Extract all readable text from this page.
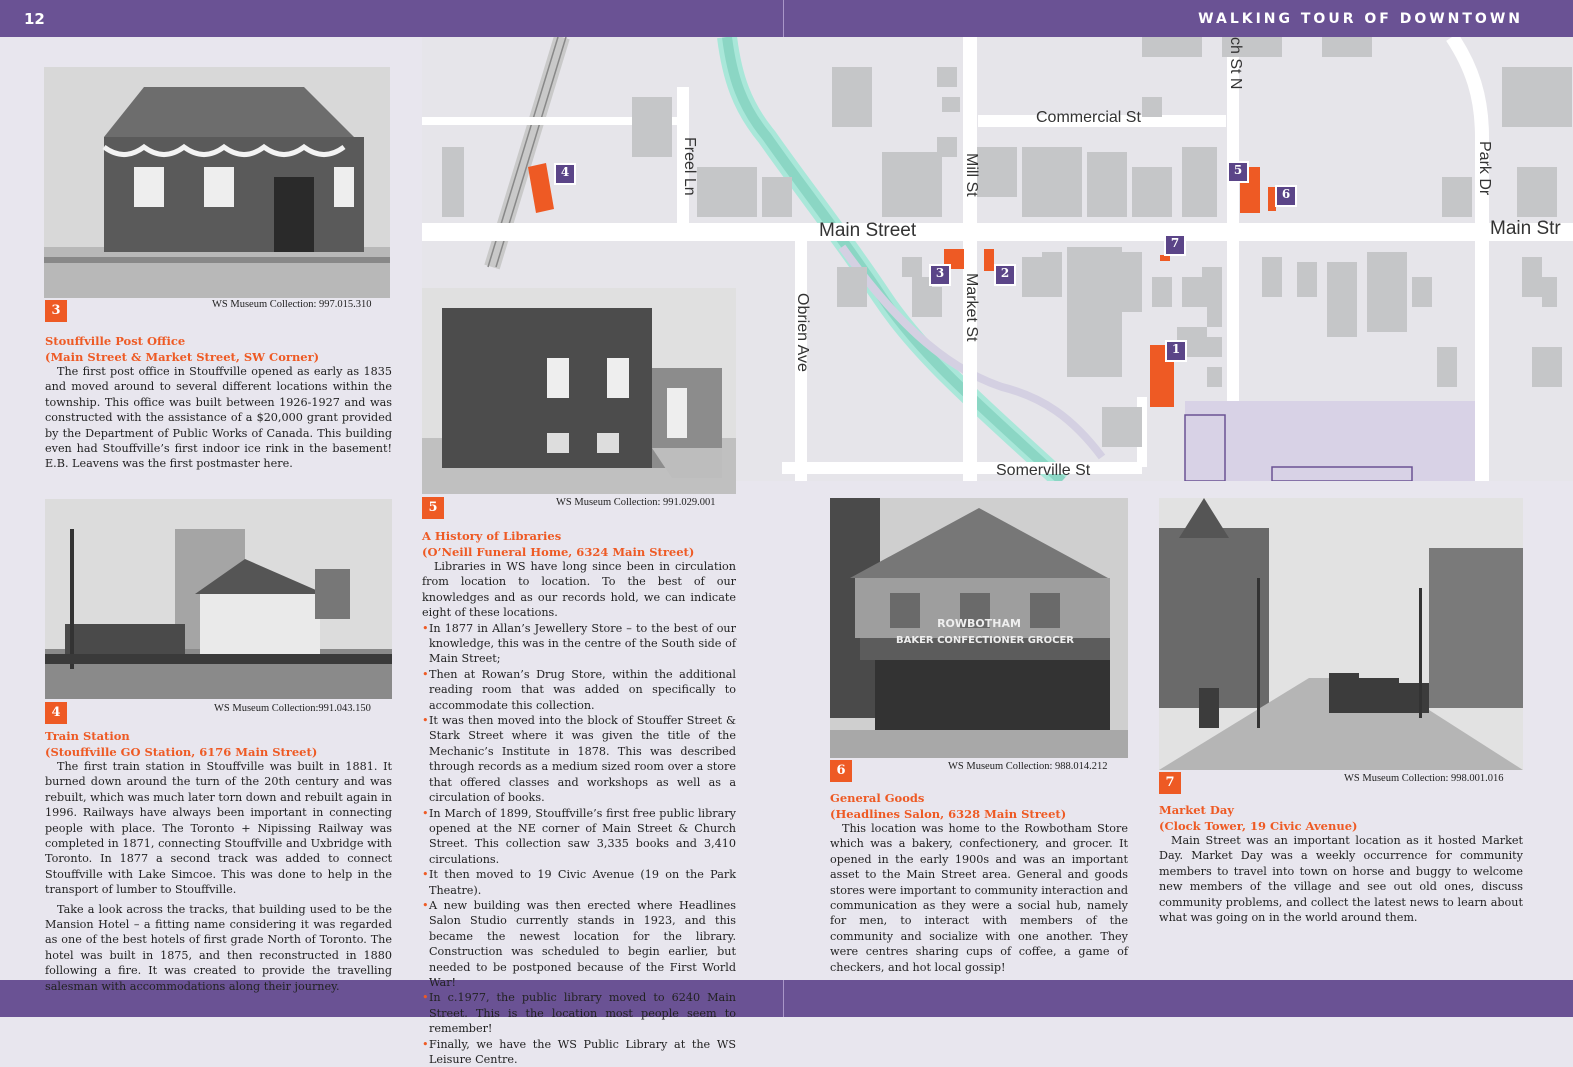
12	WALKING TOUR OF DOWNTOWN
Commercial St
Main Street	Main Str
Somerville St
Freel Ln	Mill St
Market St
Obrien Ave
Park Dr
ch St N
4	5
6
7
3	2
1
3	WS Museum Collection: 997.015.310
Stouffville Post Office
(Main Street & Market Street, SW Corner)

The first post office in Stouffville opened as early as 1835 and moved around to several different locations within the township. This office was built between 1926-1927 and was constructed with the assistance of a $20,000 grant provided by the Department of Public Works of Canada. This building even had Stouffville’s first indoor ice rink in the basement! E.B. Leavens was the first postmaster here.

4	WS Museum Collection:991.043.150
Train Station
(Stouffville GO Station, 6176 Main Street)

The first train station in Stouffville was built in 1881. It burned down around the turn of the 20th century and was rebuilt, which was much later torn down and rebuilt again in 1996. Railways have always been important in connecting people with place. The Toronto + Nipissing Railway was completed in 1871, connecting Stouffville and Uxbridge with Toronto. In 1877 a second track was added to connect Stouffville with Lake Simcoe. This was done to help in the transport of lumber to Stouffville.

Take a look across the tracks, that building used to be the Mansion Hotel – a fitting name considering it was regarded as one of the best hotels of first grade North of Toronto. The hotel was built in 1875, and then reconstructed in 1880 following a fire. It was created to provide the travelling salesman with accommodations along their journey.

5	WS Museum Collection: 991.029.001
A History of Libraries
(O’Neill Funeral Home, 6324 Main Street)

Libraries in WS have long since been in circulation from location to location. To the best of our knowledges and as our records hold, we can indicate eight of these locations.

• In 1877 in Allan’s Jewellery Store – to the best of our knowledge, this was in the centre of the South side of Main Street;
• Then at Rowan’s Drug Store, within the additional reading room that was added on specifically to accommodate this collection.
• It was then moved into the block of Stouffer Street & Stark Street where it was given the title of the Mechanic’s Institute in 1878. This was described through records as a medium sized room over a store that offered classes and workshops as well as a circulation of books.
• In March of 1899, Stouffville’s first free public library opened at the NE corner of Main Street & Church Street. This collection saw 3,335 books and 3,410 circulations.
• It then moved to 19 Civic Avenue (19 on the Park Theatre).
• A new building was then erected where Headlines Salon Studio currently stands in 1923, and this became the newest location for the library. Construction was scheduled to begin earlier, but needed to be postponed because of the First World War!
• In c.1977, the public library moved to 6240 Main Street. This is the location most people seem to remember!
• Finally, we have the WS Public Library at the WS Leisure Centre.
ROWBOTHAM
BAKER CONFECTIONER GROCER
6	WS Museum Collection: 988.014.212
General Goods
(Headlines Salon, 6328 Main Street)

This location was home to the Rowbotham Store which was a bakery, confectionery, and grocer. It opened in the early 1900s and was an important asset to the Main Street area. General and goods stores were important to community interaction and communication as they were a social hub, namely for men, to interact with members of the community and socialize with one another. They were centres sharing cups of coffee, a game of checkers, and hot local gossip!

7	WS Museum Collection: 998.001.016
Market Day
(Clock Tower, 19 Civic Avenue)

Main Street was an important location as it hosted Market Day. Market Day was a weekly occurrence for community members to travel into town on horse and buggy to welcome new members of the village and see out old ones, discuss community problems, and collect the latest news to learn about what was going on in the world around them.
